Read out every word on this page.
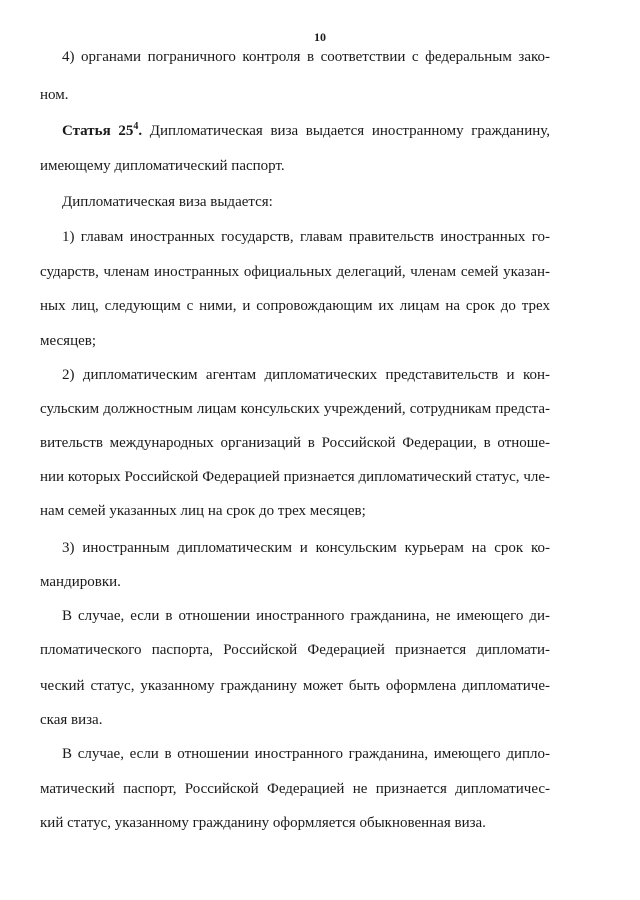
10
4) органами пограничного контроля в соответствии с федеральным зако-
ном.
Статья $25^4$. Дипломатическая виза выдается иностранному гражданину,
имеющему дипломатический паспорт.
Дипломатическая виза выдается:
1) главам иностранных государств, главам правительств иностранных го-
сударств, членам иностранных официальных делегаций, членам семей указан-
ных лиц, следующим с ними, и сопровождающим их лицам на срок до трех
месяцев;
2) дипломатическим агентам дипломатических представительств и кон-
сульским должностным лицам консульских учреждений, сотрудникам предста-
вительств международных организаций в Российской Федерации, в отноше-
нии которых Российской Федерацией признается дипломатический статус, чле-
нам семей указанных лиц на срок до трех месяцев;
3) иностранным дипломатическим и консульским курьерам на срок ко-
мандировки.
В случае, если в отношении иностранного гражданина, не имеющего ди-
пломатического паспорта, Российской Федерацией признается дипломати-
ческий статус, указанному гражданину может быть оформлена дипломатиче-
ская виза.
В случае, если в отношении иностранного гражданина, имеющего дипло-
матический паспорт, Российской Федерацией не признается дипломатичес-
кий статус, указанному гражданину оформляется обыкновенная виза.
